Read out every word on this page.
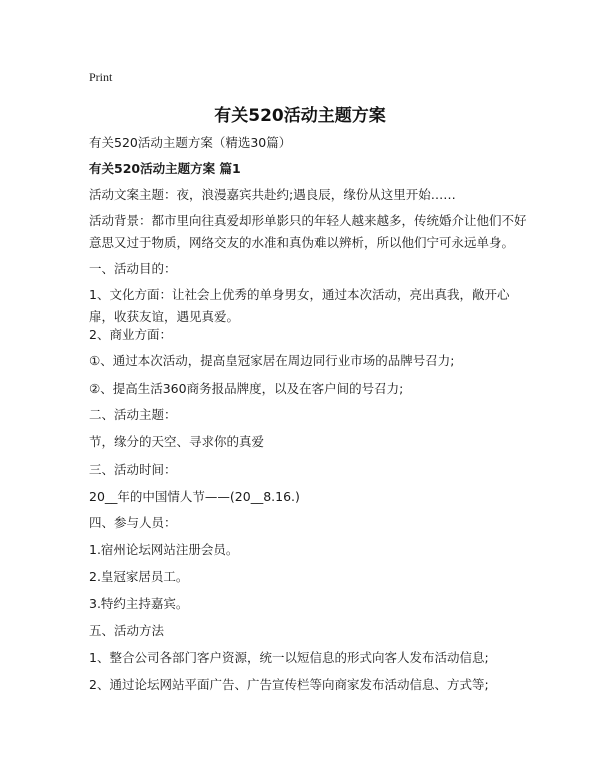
Print
有关520活动主题方案
有关520活动主题方案（精选30篇）
有关520活动主题方案 篇1
活动文案主题：夜，浪漫嘉宾共赴约;遇良辰，缘份从这里开始……
活动背景：都市里向往真爱却形单影只的年轻人越来越多，传统婚介让他们不好意思又过于物质，网络交友的水准和真伪难以辨析，所以他们宁可永远单身。
一、活动目的：
1、文化方面：让社会上优秀的单身男女，通过本次活动，亮出真我，敞开心扉，收获友谊，遇见真爱。
2、商业方面：
①、通过本次活动，提高皇冠家居在周边同行业市场的品牌号召力;
②、提高生活360商务报品牌度，以及在客户间的号召力;
二、活动主题：
节，缘分的天空、寻求你的真爱
三、活动时间：
20__年的中国情人节——(20__8.16.)
四、参与人员：
1.宿州论坛网站注册会员。
2.皇冠家居员工。
3.特约主持嘉宾。
五、活动方法
1、整合公司各部门客户资源，统一以短信息的形式向客人发布活动信息;
2、通过论坛网站平面广告、广告宣传栏等向商家发布活动信息、方式等;
